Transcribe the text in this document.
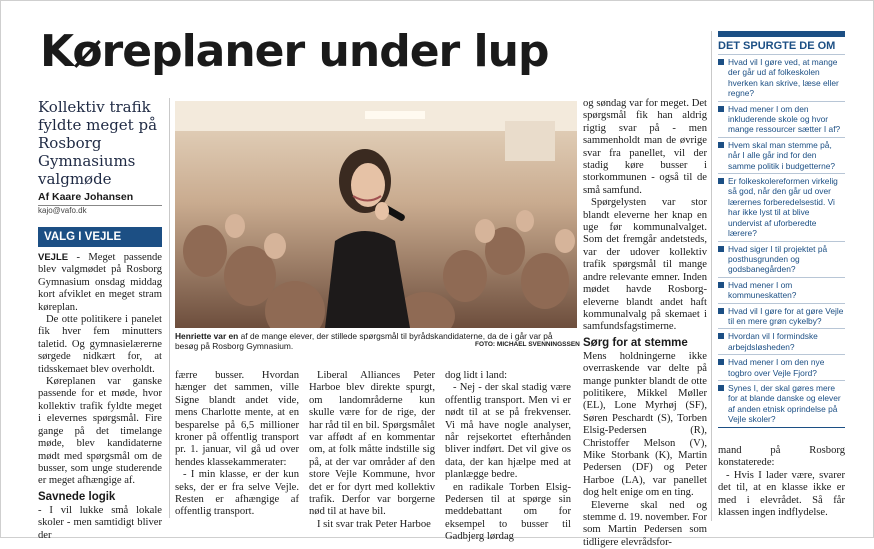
Køreplaner under lup
Kollektiv trafik fyldte meget på Rosborg Gymnasiums valgmøde
Af Kaare Johansen
kajo@vafo.dk
VALG I VEJLE

VEJLE - Meget passende blev valgmødet på Rosborg Gymnasium onsdag middag kort afviklet en meget stram køreplan.

De otte politikere i panelet fik hver fem minutters taletid. Og gymnasielærerne sørgede nidkært for, at tidsskemaet blev overholdt.

Køreplanen var ganske passende for et møde, hvor kollektiv trafik fyldte meget i elevernes spørgsmål. Fire gange på det timelange møde, blev kandidaterne mødt med spørgsmål om de busser, som unge studerende er meget afhængige af.

Savnede logik

- I vil lukke små lokale skoler - men samtidigt bliver der

Henriette var en af de mange elever, der stillede spørgsmål til byrådskandidaterne, da de i går var på besøg på Rosborg Gymnasium.	FOTO: MICHAEL SVENNINGSSEN

færre busser. Hvordan hænger det sammen, ville Signe blandt andet vide, mens Charlotte mente, at en besparelse på 6,5 millioner kroner på offentlig transport pr. 1. januar, vil gå ud over hendes klassekammerater:

- I min klasse, er der kun seks, der er fra selve Vejle. Resten er afhængige af offentlig transport.

Liberal Alliances Peter Harboe blev direkte spurgt, om landområderne kun skulle være for de rige, der har råd til en bil. Spørgsmålet var affødt af en kommentar om, at folk måtte indstille sig på, at der var områder af den store Vejle Kommune, hvor det er for dyrt med kollektiv trafik. Derfor var borgerne nød til at have bil.

I sit svar trak Peter Harboe

dog lidt i land:

- Nej - der skal stadig være offentlig transport. Men vi er nødt til at se på frekvenser. Vi må have nogle analyser, når rejsekortet efterhånden bliver indført. Det vil give os data, der kan hjælpe med at planlægge bedre.

en radikale Torben Elsig-Pedersen til at spørge sin meddebattant om for eksempel to busser til Gadbjerg lørdag

og søndag var for meget. Det spørgsmål fik han aldrig rigtig svar på - men sammenholdt man de øvrige svar fra panellet, vil der stadig køre busser i storkommunen - også til de små samfund.

Spørgelysten var stor blandt eleverne her knap en uge før kommunalvalget. Som det fremgår andetsteds, var der udover kollektiv trafik spørgsmål til mange andre relevante emner. Inden mødet havde Rosborg-eleverne blandt andet haft kommunalvalg på skemaet i samfundsfagstimerne.

Sørg for at stemme

Mens holdningerne ikke overraskende var delte på mange punkter blandt de otte politikere, Mikkel Møller (EL), Lone Myrhøj (SF), Søren Peschardt (S), Torben Elsig-Pedersen (R), Christoffer Melson (V), Mike Storbank (K), Martin Pedersen (DF) og Peter Harboe (LA), var panellet dog helt enige om en ting.

Eleverne skal ned og stemme d. 19. november. For som Martin Pedersen som tidligere elevrådsfor-

mand på Rosborg konstaterede:

- Hvis I lader være, svarer det til, at en klasse ikke er med i elevrådet. Så får klassen ingen indflydelse.

DET SPURGTE DE OM
Hvad vil I gøre ved, at mange der går ud af folkeskolen hverken kan skrive, læse eller regne?
Hvad mener I om den inkluderende skole og hvor mange ressourcer sætter I af?
Hvem skal man stemme på, når I alle går ind for den samme politik i budgetterne?
Er folkeskolereformen virkelig så god, når den går ud over lærernes forberedelsestid. Vi har ikke lyst til at blive undervist af uforberedte lærere?
Hvad siger I til projektet på posthusgrunden og godsbanegården?
Hvad mener I om kommuneskatten?
Hvad vil I gøre for at gøre Vejle til en mere grøn cykelby?
Hvordan vil I formindske arbejdsløsheden?
Hvad mener I om den nye togbro over Vejle Fjord?
Synes I, der skal gøres mere for at blande danske og elever af anden etnisk oprindelse på Vejle skoler?
